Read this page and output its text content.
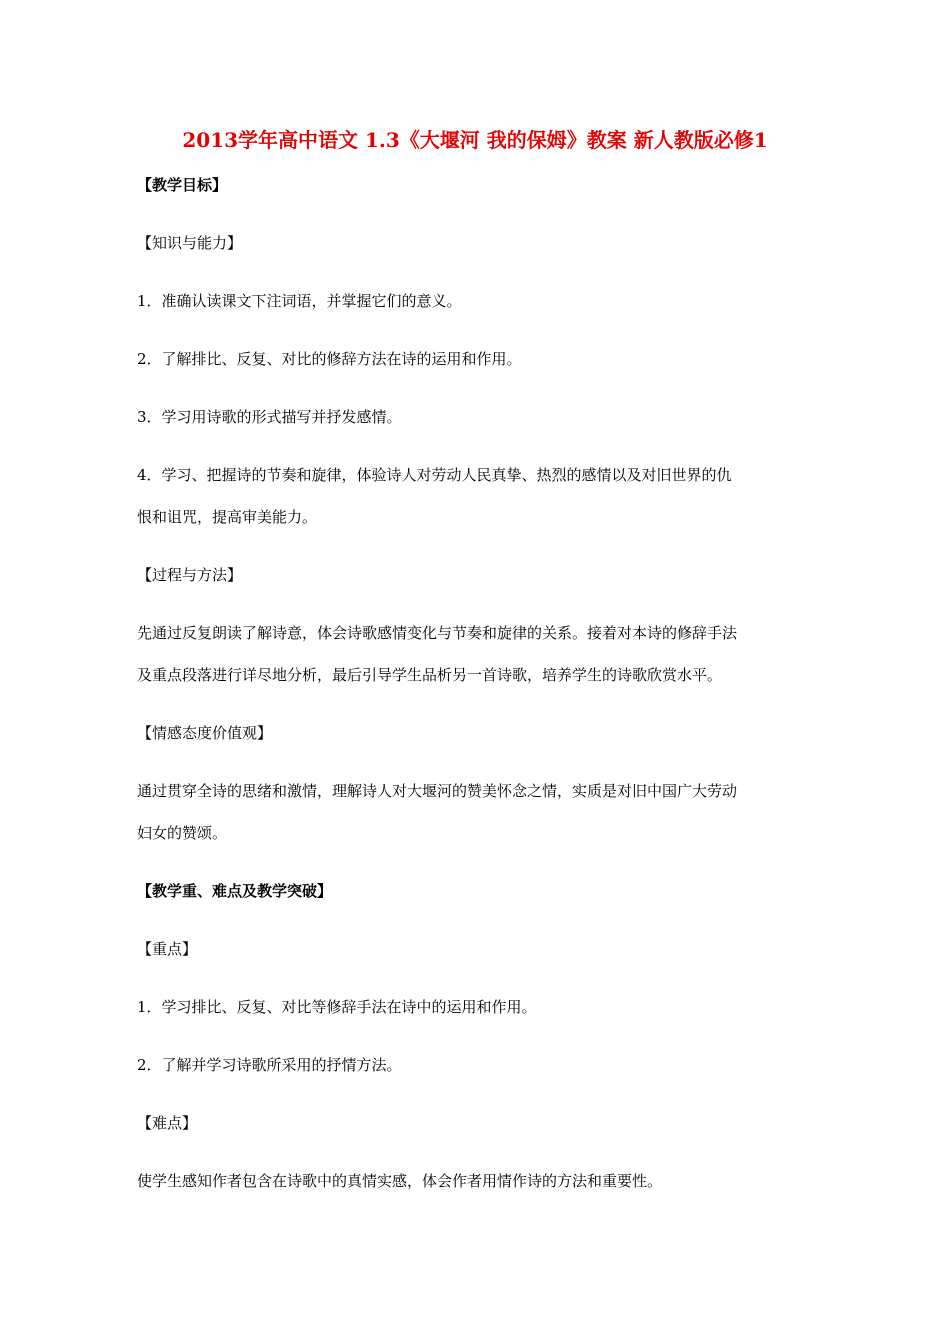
2013学年高中语文 1.3《大堰河 我的保姆》教案 新人教版必修1
【教学目标】
【知识与能力】
1．准确认读课文下注词语，并掌握它们的意义。
2．了解排比、反复、对比的修辞方法在诗的运用和作用。
3．学习用诗歌的形式描写并抒发感情。
4．学习、把握诗的节奏和旋律，体验诗人对劳动人民真挚、热烈的感情以及对旧世界的仇
恨和诅咒，提高审美能力。
【过程与方法】
先通过反复朗读了解诗意，体会诗歌感情变化与节奏和旋律的关系。接着对本诗的修辞手法
及重点段落进行详尽地分析，最后引导学生品析另一首诗歌，培养学生的诗歌欣赏水平。
【情感态度价值观】
通过贯穿全诗的思绪和激情，理解诗人对大堰河的赞美怀念之情，实质是对旧中国广大劳动
妇女的赞颂。
【教学重、难点及教学突破】
【重点】
1．学习排比、反复、对比等修辞手法在诗中的运用和作用。
2．了解并学习诗歌所采用的抒情方法。
【难点】
使学生感知作者包含在诗歌中的真情实感，体会作者用情作诗的方法和重要性。
